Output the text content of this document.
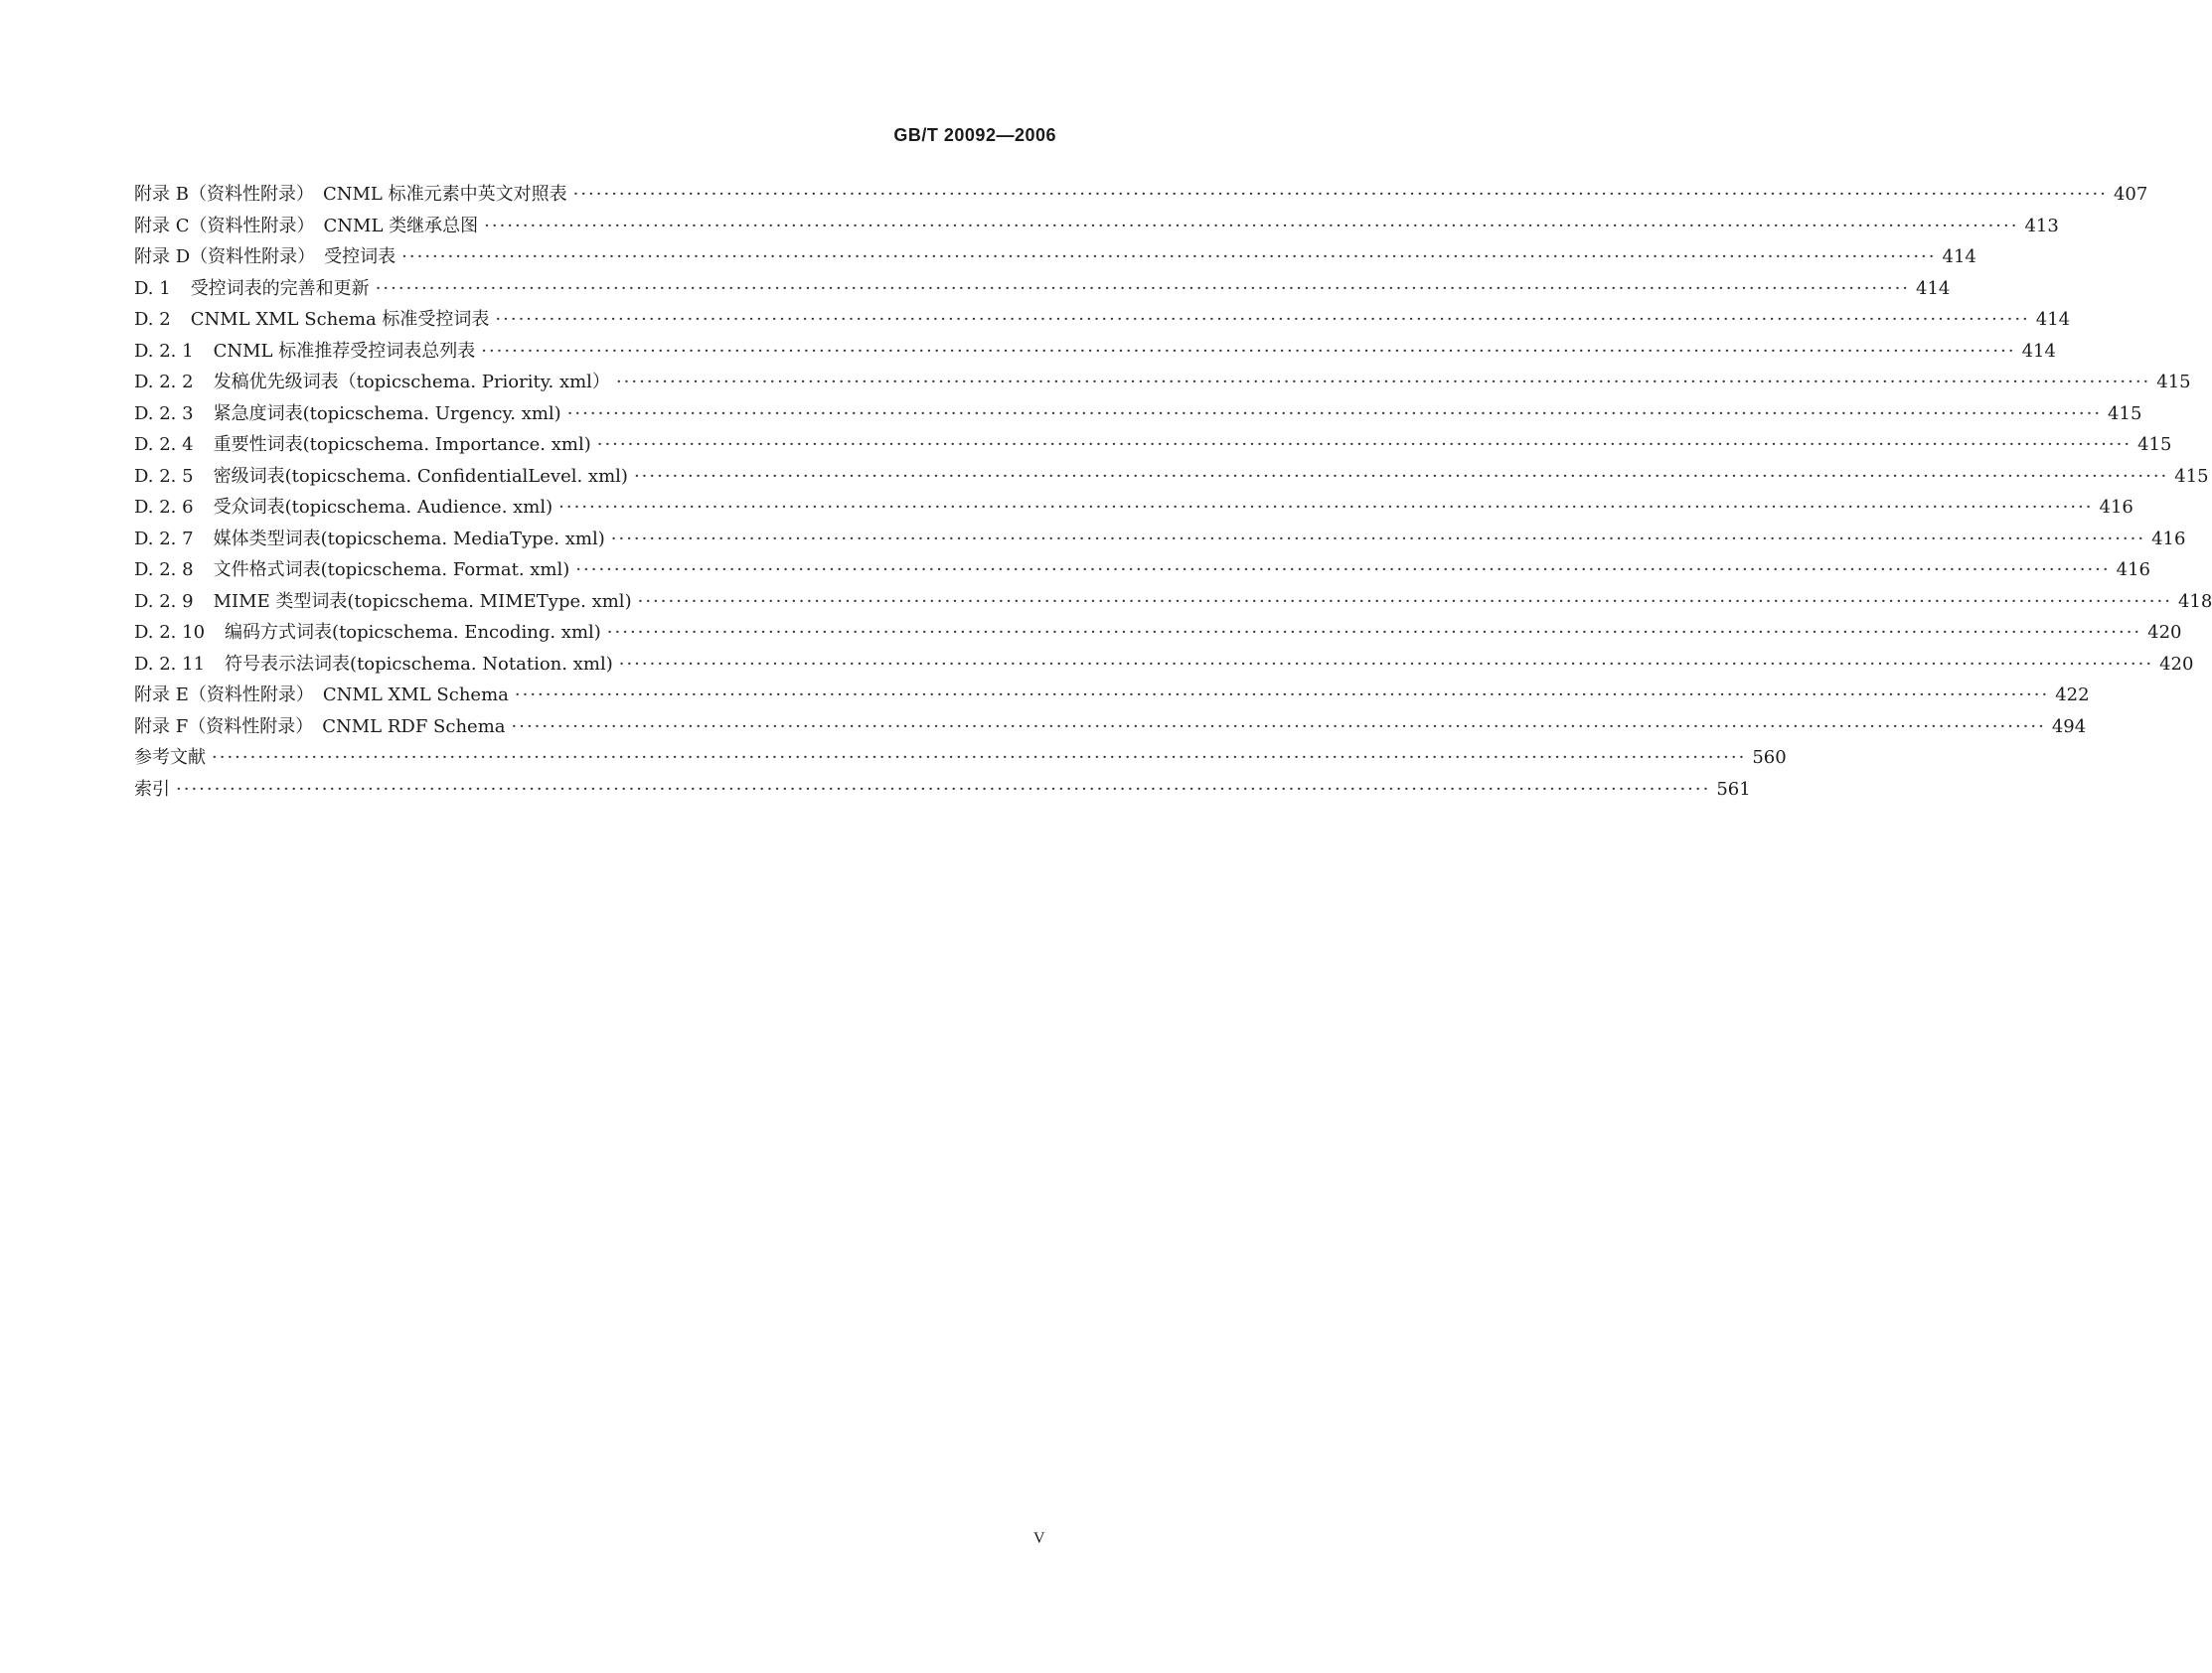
GB/T 20092—2006
附录 B （资料性附录）　CNML 标准元素中英文对照表 ········································································································································································································ 407
附录 C （资料性附录）　CNML 类继承总图 ········································································································································································································ 413
附录 D （资料性附录）　受控词表 ········································································································································································································ 414
D. 1 受控词表的完善和更新 ········································································································································································································ 414
D. 2 CNML XML Schema 标准受控词表 ········································································································································································································ 414
D. 2. 1 CNML 标准推荐受控词表总列表 ········································································································································································································ 414
D. 2. 2 发稿优先级词表（topicschema. Priority. xml） ········································································································································································································ 415
D. 2. 3 紧急度词表(topicschema. Urgency. xml) ········································································································································································································ 415
D. 2. 4 重要性词表(topicschema. Importance. xml) ········································································································································································································ 415
D. 2. 5 密级词表(topicschema. ConfidentialLevel. xml) ········································································································································································································ 415
D. 2. 6 受众词表(topicschema. Audience. xml) ········································································································································································································ 416
D. 2. 7 媒体类型词表(topicschema. MediaType. xml) ········································································································································································································ 416
D. 2. 8 文件格式词表(topicschema. Format. xml) ········································································································································································································ 416
D. 2. 9 MIME 类型词表(topicschema. MIMEType. xml) ········································································································································································································ 418
D. 2. 10 编码方式词表(topicschema. Encoding. xml) ········································································································································································································ 420
D. 2. 11 符号表示法词表(topicschema. Notation. xml) ········································································································································································································ 420
附录 E （资料性附录）　CNML XML Schema ········································································································································································································ 422
附录 F （资料性附录）　CNML RDF Schema ········································································································································································································ 494
参考文献 ········································································································································································································ 560
索引 ········································································································································································································ 561
V
